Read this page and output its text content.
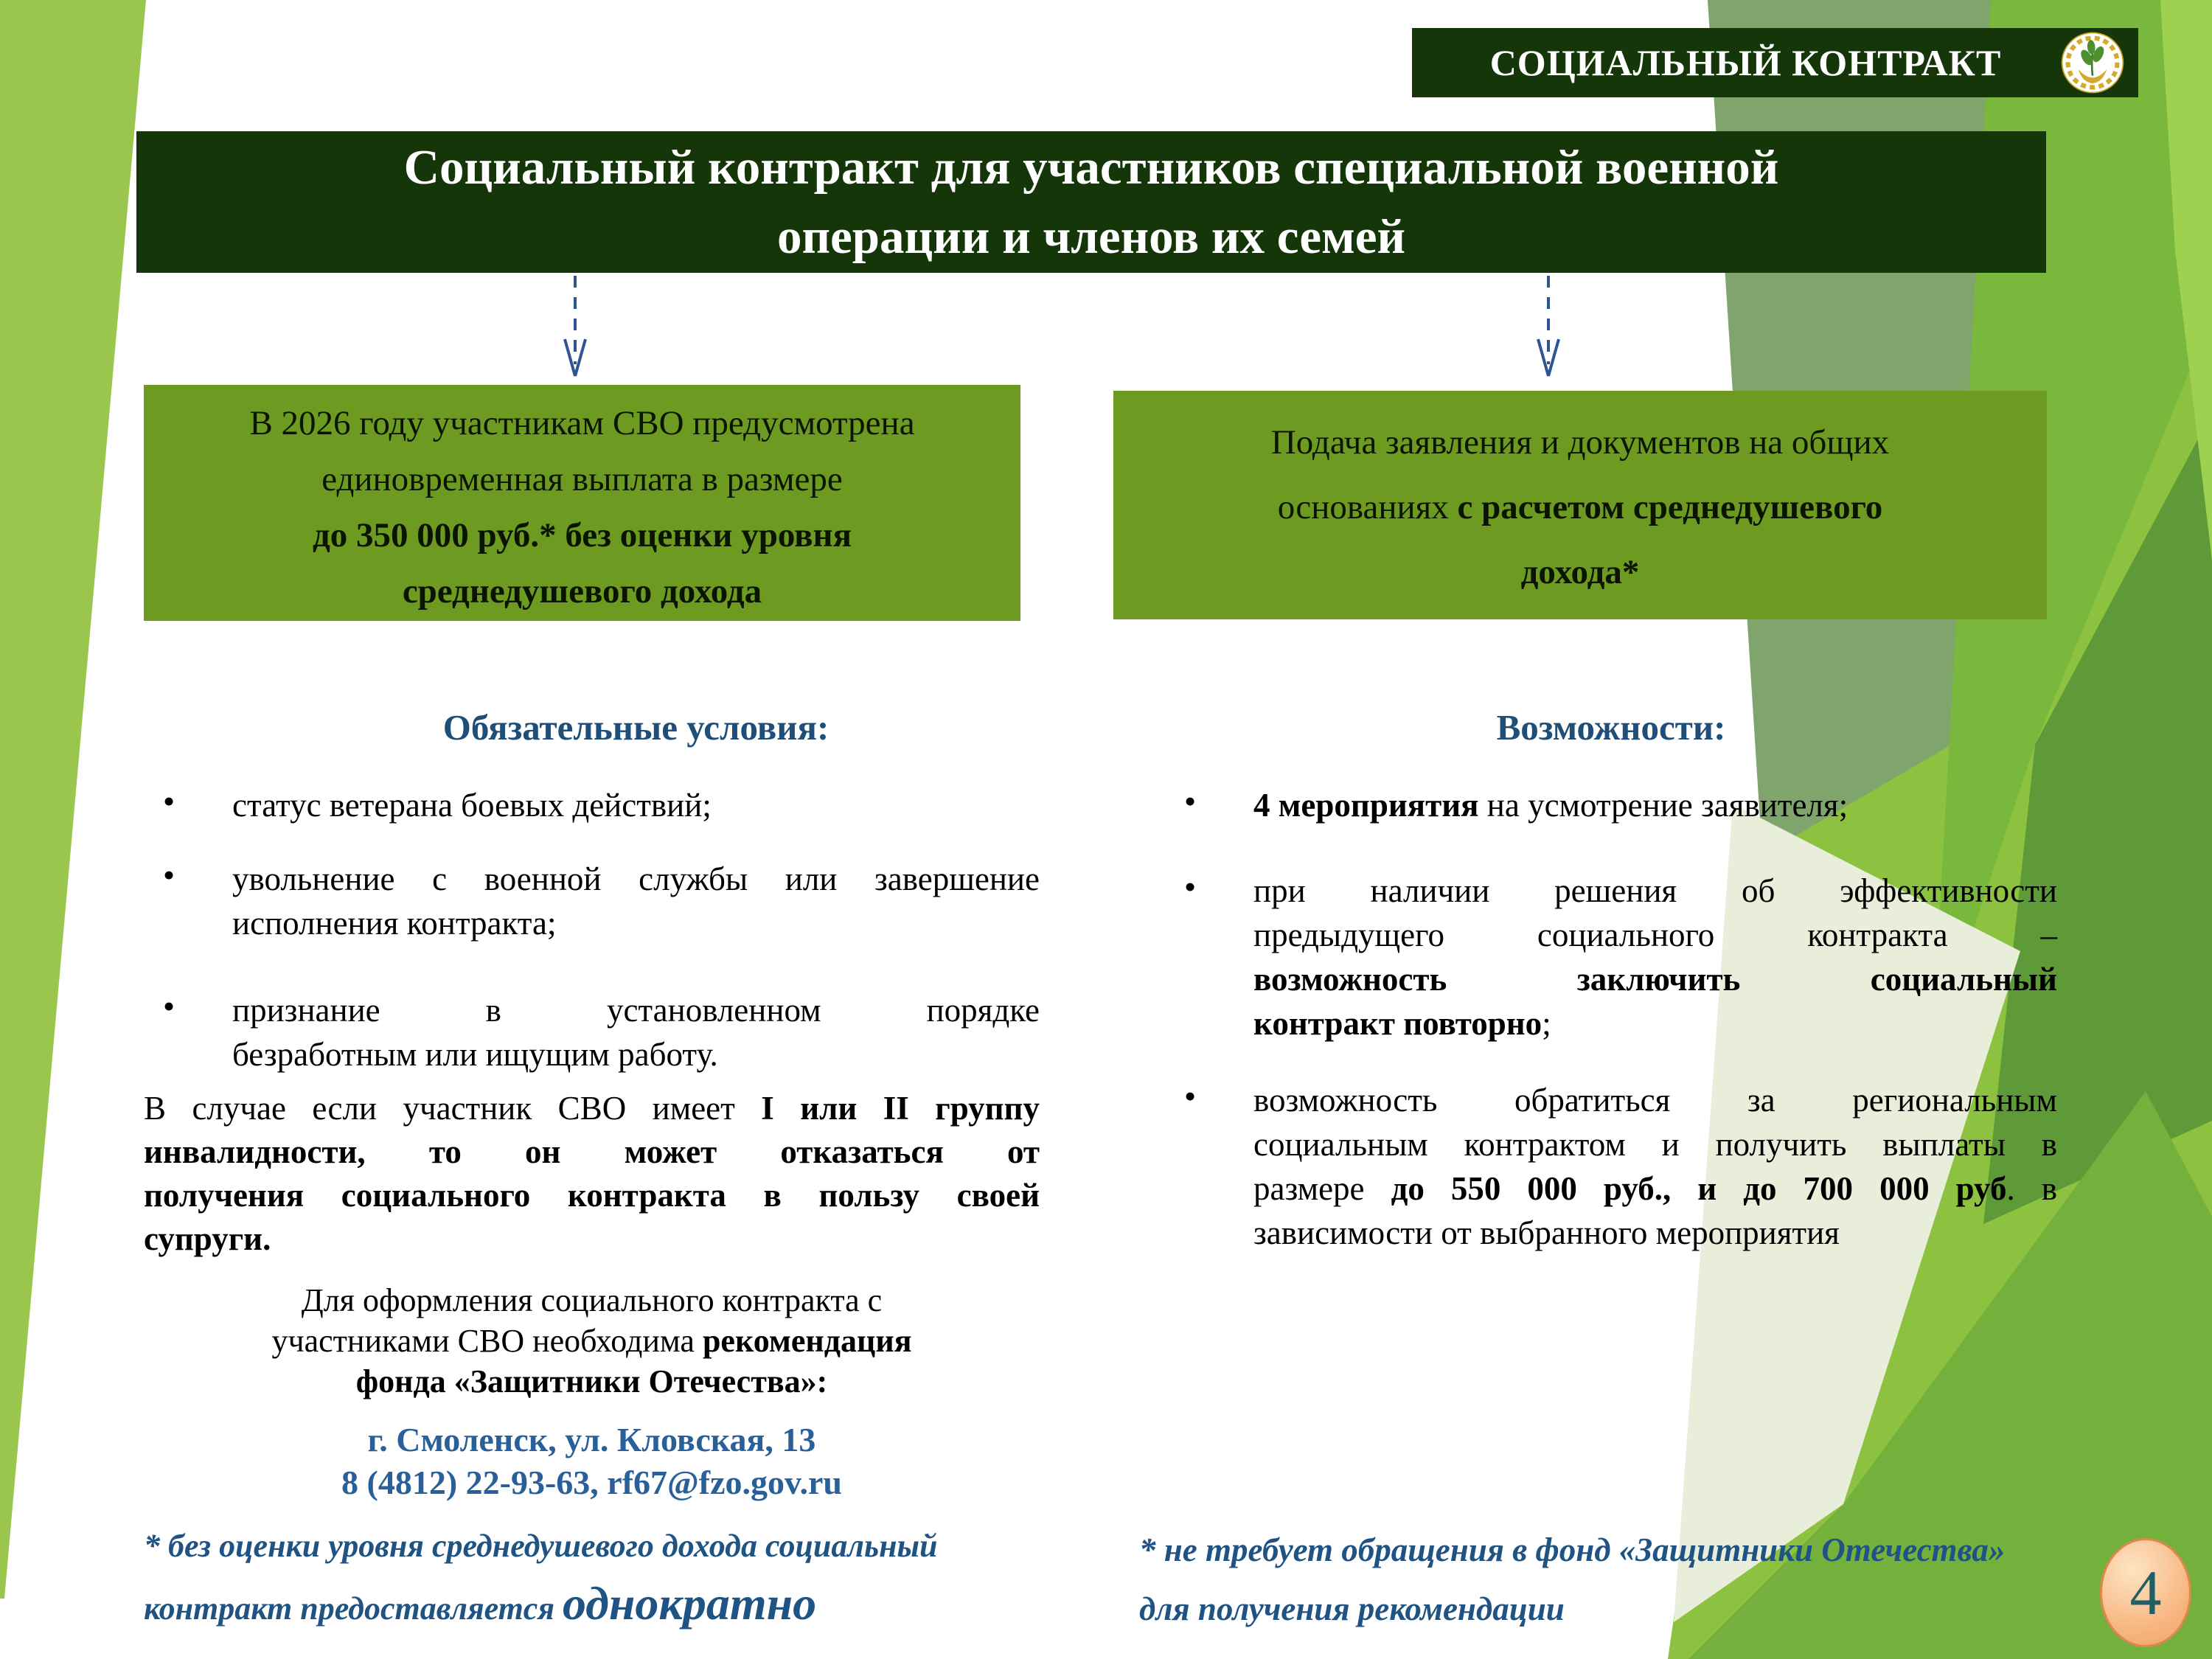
СОЦИАЛЬНЫЙ КОНТРАКТ
Социальный контракт для участников специальной военной
операции и членов их семей
В 2026 году участникам СВО предусмотрена
единовременная выплата в размере
до 350 000 руб.* без оценки уровня
среднедушевого дохода
Подача заявления и документов на общих
основаниях с расчетом среднедушевого
дохода*
Обязательные условия:
• статус ветерана боевых действий;
• увольнение с военной службы или завершение
исполнения контракта;
• признание в установленном порядке
безработным или ищущим работу.
В случае если участник СВО имеет I или II группу
инвалидности, то он может отказаться от
получения социального контракта в пользу своей
супруги.
Для оформления социального контракта с
участниками СВО необходима рекомендация
фонда «Защитники Отечества»:
г. Смоленск, ул. Кловская, 13
8 (4812) 22-93-63, rf67@fzo.gov.ru
* без оценки уровня среднедушевого дохода социальный
контракт предоставляется однократно
Возможности:
• 4 мероприятия на усмотрение заявителя;
• при наличии решения об эффективности
предыдущего социального контракта –
возможность заключить социальный
контракт повторно;
• возможность обратиться за региональным
социальным контрактом и получить выплаты в
размере до 550 000 руб., и до 700 000 руб. в
зависимости от выбранного мероприятия
* не требует обращения в фонд «Защитники Отечества»
для получения рекомендации	4
